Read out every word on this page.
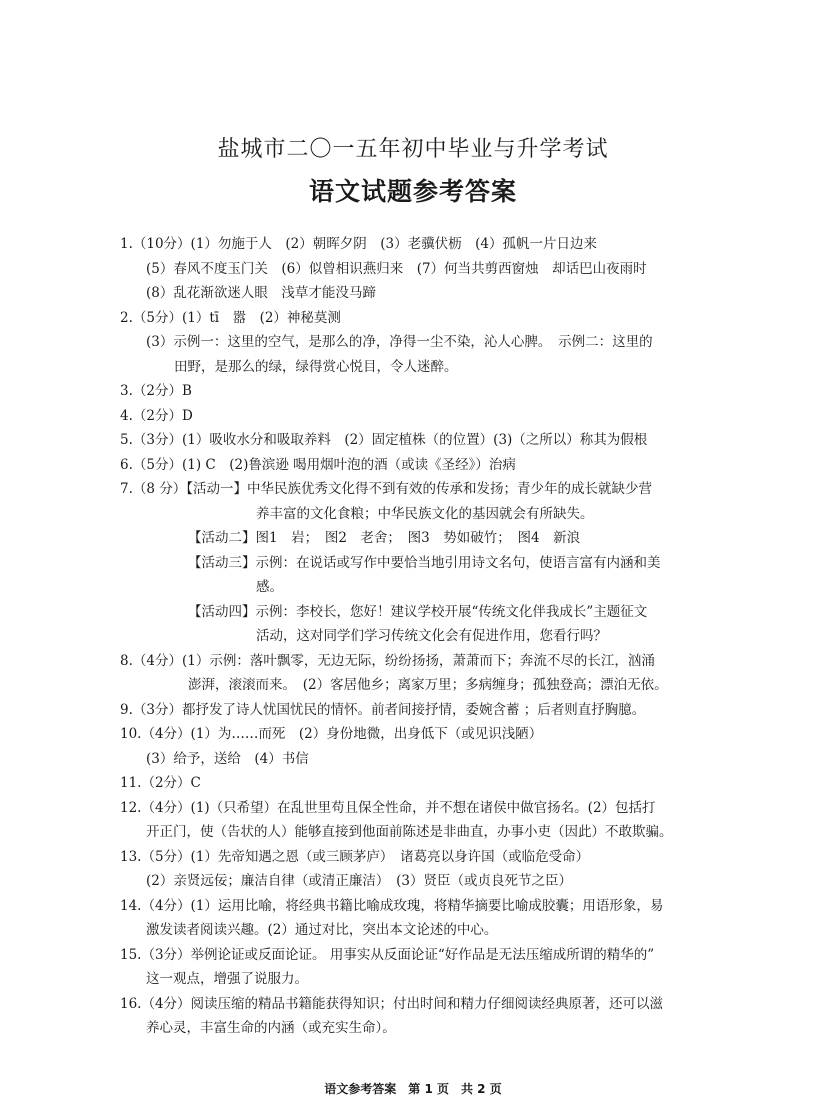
盐城市二〇一五年初中毕业与升学考试
语文试题参考答案
1.（10分）(1）勿施于人　(2）朝晖夕阴　(3）老骥伏枥　(4）孤帆一片日边来
(5）春风不度玉门关　(6）似曾相识燕归来　(7）何当共剪西窗烛　却话巴山夜雨时
(8）乱花渐欲迷人眼　浅草才能没马蹄
2.（5分）(1）tī　嚣　(2）神秘莫测
(3）示例一：这里的空气，是那么的净，净得一尘不染，沁人心脾。　示例二：这里的
田野，是那么的绿，绿得赏心悦目，令人迷醉。
3.（2分）B
4.（2分）D
5.（3分）(1）吸收水分和吸取养料　(2）固定植株（的位置）(3)（之所以）称其为假根
6.（5分）(1) C　(2)鲁滨逊 喝用烟叶泡的酒（或读《圣经》）治病
7.（8 分）【活动一】中华民族优秀文化得不到有效的传承和发扬；青少年的成长就缺少营
养丰富的文化食粮；中华民族文化的基因就会有所缺失。
【活动二】图1　岩；　图2　老舍；　图3　势如破竹；　图4　新浪
【活动三】示例：在说话或写作中要恰当地引用诗文名句，使语言富有内涵和美
感。
【活动四】示例：李校长，您好！建议学校开展“传统文化伴我成长”主题征文
活动，这对同学们学习传统文化会有促进作用，您看行吗？
8.（4分）(1）示例：落叶飘零，无边无际，纷纷扬扬，萧萧而下；奔流不尽的长江，汹涌
澎湃，滚滚而来。　(2）客居他乡；离家万里；多病缠身；孤独登高；漂泊无依。
9.（3分）都抒发了诗人忧国忧民的情怀。前者间接抒情，委婉含蓄 ；后者则直抒胸臆。
10.（4分）(1）为……而死　(2）身份地微，出身低下（或见识浅陋）
(3）给予，送给　(4）书信
11.（2分）C
12.（4分）(1)（只希望）在乱世里苟且保全性命，并不想在诸侯中做官扬名。(2）包括打
开正门，使（告状的人）能够直接到他面前陈述是非曲直，办事小吏（因此）不敢欺骗。
13.（5分）(1）先帝知遇之恩（或三顾茅庐）　诸葛亮以身许国（或临危受命）
(2）亲贤远佞；廉洁自律（或清正廉洁）　(3）贤臣（或贞良死节之臣）
14.（4分）(1）运用比喻，将经典书籍比喻成玫瑰，将精华摘要比喻成胶囊；用语形象，易
激发读者阅读兴趣。(2）通过对比，突出本文论述的中心。
15.（3分）举例论证或反面论证。 用事实从反面论证“好作品是无法压缩成所谓的精华的”
这一观点，增强了说服力。
16.（4分）阅读压缩的精品书籍能获得知识；付出时间和精力仔细阅读经典原著，还可以滋
养心灵，丰富生命的内涵（或充实生命）。
语文参考答案　第 1 页　共 2 页
